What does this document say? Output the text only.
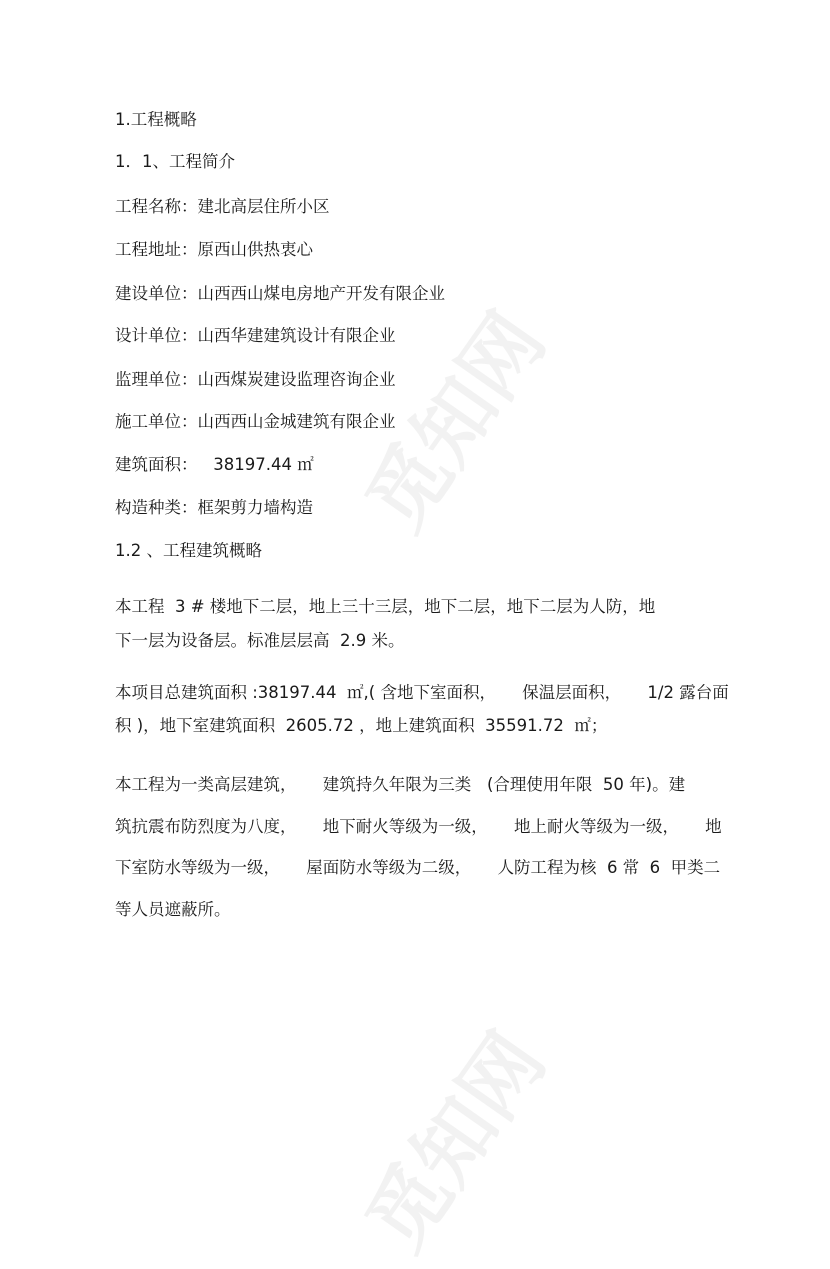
觅知网
觅知网
1.工程概略
1．1、工程简介
工程名称：建北高层住所小区
工程地址：原西山供热衷心
建设单位：山西西山煤电房地产开发有限企业
设计单位：山西华建建筑设计有限企业
监理单位：山西煤炭建设监理咨询企业
施工单位：山西西山金城建筑有限企业
建筑面积：   38197.44 ㎡
构造种类：框架剪力墙构造
1.2 、工程建筑概略
本工程  3 # 楼地下二层，地上三十三层，地下二层，地下二层为人防，地
下一层为设备层。标准层层高  2.9 米。
本项目总建筑面积 :38197.44  ㎡,( 含地下室面积，     保温层面积，     1/2 露台面
积 )，地下室建筑面积  2605.72 ，地上建筑面积  35591.72  ㎡；
本工程为一类高层建筑，     建筑持久年限为三类   (合理使用年限  50 年)。建
筑抗震布防烈度为八度，     地下耐火等级为一级，     地上耐火等级为一级，     地
下室防水等级为一级，     屋面防水等级为二级，     人防工程为核  6 常  6  甲类二
等人员遮蔽所。
